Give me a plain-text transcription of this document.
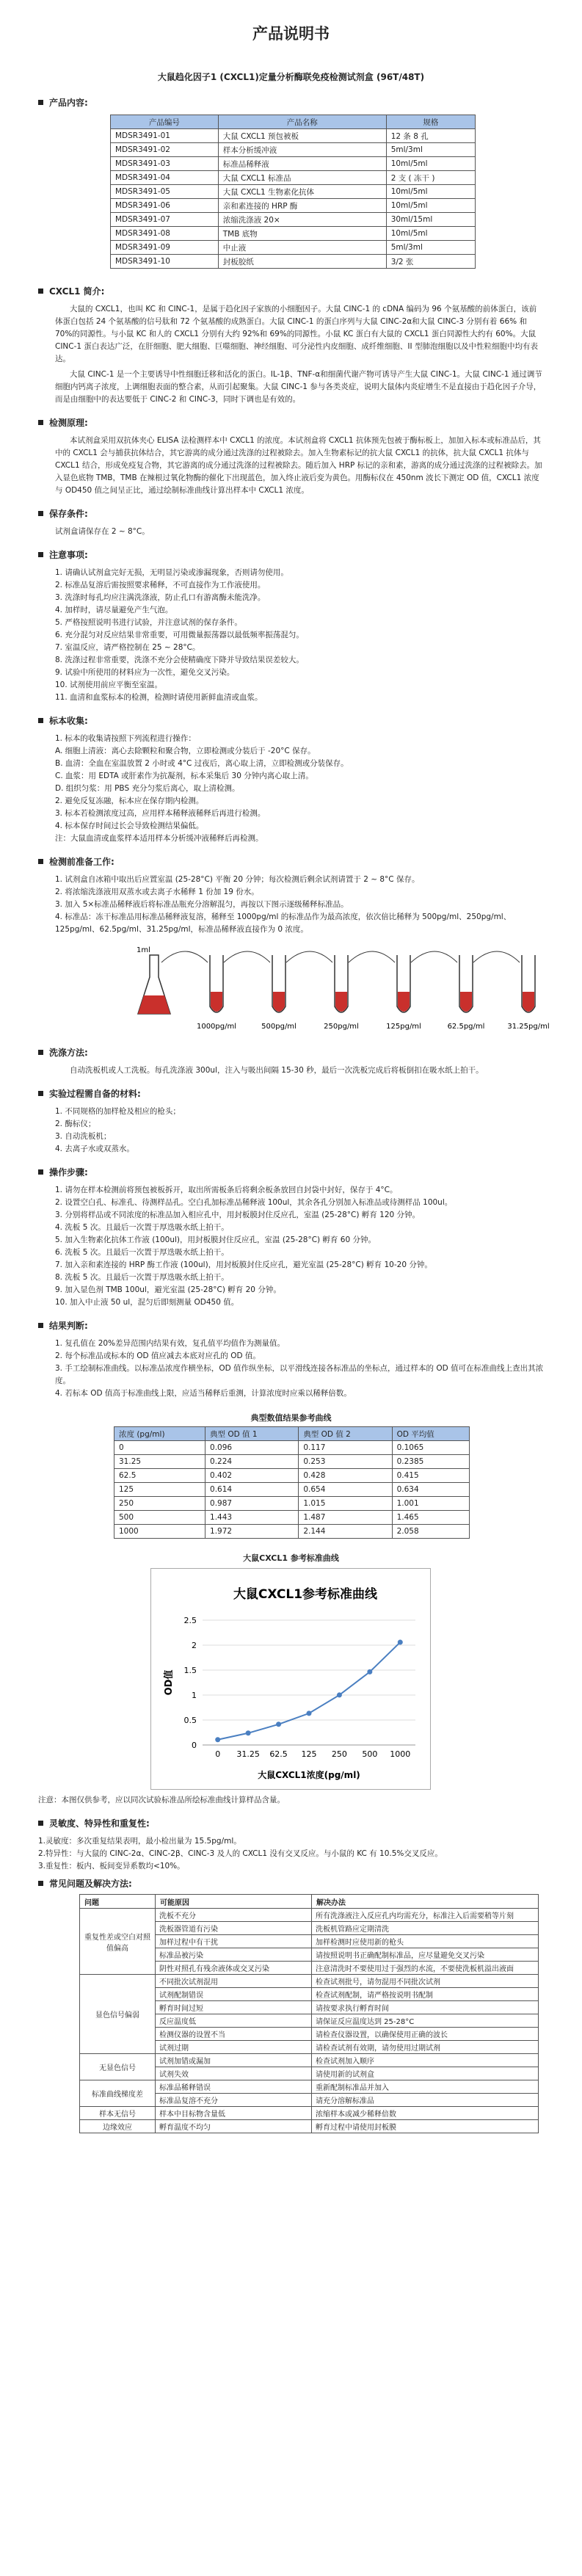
产品说明书
大鼠趋化因子1 (CXCL1)定量分析酶联免疫检测试剂盒 (96T/48T)
产品内容:
产品编号	产品名称	规格
MDSR3491-01	大鼠 CXCL1 预包被板	12 条 8 孔
MDSR3491-02	样本分析缓冲液	5ml/3ml
MDSR3491-03	标准品稀释液	10ml/5ml
MDSR3491-04	大鼠 CXCL1 标准品	2 支 ( 冻干 )
MDSR3491-05	大鼠 CXCL1 生物素化抗体	10ml/5ml
MDSR3491-06	亲和素连接的 HRP 酶	10ml/5ml
MDSR3491-07	浓缩洗涤液 20×	30ml/15ml
MDSR3491-08	TMB 底物	10ml/5ml
MDSR3491-09	中止液	5ml/3ml
MDSR3491-10	封板胶纸	3/2 张
CXCL1 简介:

大鼠的 CXCL1，也叫 KC 和 CINC-1，是属于趋化因子家族的小细胞因子。大鼠 CINC-1 的 cDNA 编码为 96 个氨基酸的前体蛋白，该前体蛋白包括 24 个氨基酸的信号肽和 72 个氨基酸的成熟蛋白。大鼠 CINC-1 的蛋白序列与大鼠 CINC-2α和大鼠 CINC-3 分别有着 66% 和 70%的同源性。与小鼠 KC 和人的 CXCL1 分别有大约 92%和 69%的同源性。小鼠 KC 蛋白有大鼠的 CXCL1 蛋白同源性大约有 60%。大鼠 CINC-1 蛋白表达广泛，在肝细胞、肥大细胞、巨噬细胞、神经细胞、可分泌性内皮细胞、成纤维细胞、II 型肺泡细胞以及中性粒细胞中均有表达。

大鼠 CINC-1 是一个主要诱导中性细胞迁移和活化的蛋白。IL-1β、TNF-α和细菌代谢产物可诱导产生大鼠 CINC-1。大鼠 CINC-1 通过调节细胞内钙离子浓度，上调细胞表面的整合素，从而引起聚集。大鼠 CINC-1 参与各类炎症，说明大鼠体内炎症增生不是直接由于趋化因子介导，而是由细胞中的表达要低于 CINC-2 和 CINC-3，同时下调也是有效的。

检测原理:

本试剂盒采用双抗体夹心 ELISA 法检测样本中 CXCL1 的浓度。本试剂盒将 CXCL1 抗体预先包被于酶标板上，加加入标本或标准品后，其中的 CXCL1 会与捕获抗体结合，其它游离的成分通过洗涤的过程被除去。加入生物素标记的抗大鼠 CXCL1 的抗体，抗大鼠 CXCL1 抗体与 CXCL1 结合，形成免疫复合物，其它游离的成分通过洗涤的过程被除去。随后加入 HRP 标记的亲和素，游离的成分通过洗涤的过程被除去。加入显色底物 TMB，TMB 在辣根过氧化物酶的催化下出现蓝色，加入终止液后变为黄色。用酶标仪在 450nm 波长下测定 OD 值，CXCL1 浓度与 OD450 值之间呈正比，通过绘制标准曲线计算出样本中 CXCL1 浓度。

保存条件:
试剂盒请保存在 2 ~ 8°C。
注意事项:
1. 请确认试剂盒完好无损，无明显污染或渗漏现象，否则请勿使用。
2. 标准品复溶后需按照要求稀释，不可直接作为工作液使用。
3. 洗涤时每孔均应注满洗涤液，防止孔口有游离酶未能洗净。
4. 加样时，请尽量避免产生气泡。
5. 严格按照说明书进行试验，并注意试剂的保存条件。
6. 充分混匀对反应结果非常重要，可用微量振荡器以最低频率振荡混匀。
7. 室温反应，请严格控制在 25 ~ 28°C。
8. 洗涤过程非常重要，洗涤不充分会使精确度下降并导致结果误差较大。
9. 试验中所使用的材料应为一次性，避免交叉污染。
10. 试剂使用前应平衡至室温。
11. 血清和血浆标本的检测，检测时请使用新鲜血清或血浆。
标本收集:
1. 标本的收集请按照下列流程进行操作：
A. 细胞上清液：离心去除颗粒和聚合物，立即检测或分装后于 -20°C 保存。
B. 血清：全血在室温放置 2 小时或 4°C 过夜后，离心取上清，立即检测或分装保存。
C. 血浆：用 EDTA 或肝素作为抗凝剂，标本采集后 30 分钟内离心取上清。
D. 组织匀浆：用 PBS 充分匀浆后离心，取上清检测。
2. 避免反复冻融，标本应在保存期内检测。
3. 标本若检测浓度过高，应用样本稀释液稀释后再进行检测。
4. 标本保存时间过长会导致检测结果偏低。
注：大鼠血清或血浆样本适用样本分析缓冲液稀释后再检测。
检测前准备工作:
1. 试剂盒自冰箱中取出后应置室温 (25-28°C) 平衡 20 分钟；每次检测后剩余试剂请置于 2 ~ 8°C 保存。
2. 将浓缩洗涤液用双蒸水或去离子水稀释 1 份加 19 份水。
3. 加入 5×标准品稀释液后将标准品瓶充分溶解混匀，再按以下图示逐级稀释标准品。
4. 标准品：冻干标准品用标准品稀释液复溶，稀释至 1000pg/ml 的标准品作为最高浓度，依次倍比稀释为 500pg/ml、250pg/ml、125pg/ml、62.5pg/ml、31.25pg/ml，标准品稀释液直接作为 0 浓度。
1ml
1000pg/ml	500pg/ml	250pg/ml	125pg/ml	62.5pg/ml	31.25pg/ml
洗涤方法:

自动洗板机或人工洗板。每孔洗涤液 300ul，注入与吸出间隔 15-30 秒，最后一次洗板完成后将板倒扣在吸水纸上拍干。

实验过程需自备的材料:
1. 不同规格的加样枪及相应的枪头；
2. 酶标仪；
3. 自动洗板机；
4. 去离子水或双蒸水。
操作步骤:
1. 请勿在样本检测前将预包被板拆开，取出所需板条后将剩余板条放回自封袋中封好，保存于 4°C。
2. 设置空白孔、标准孔、待测样品孔。空白孔加标准品稀释液 100ul，其余各孔分别加入标准品或待测样品 100ul。
3. 分别将样品或不同浓度的标准品加入相应孔中，用封板膜封住反应孔，室温 (25-28°C) 孵育 120 分钟。
4. 洗板 5 次。且最后一次置于厚迭吸水纸上拍干。
5. 加入生物素化抗体工作液 (100ul)，用封板膜封住反应孔，室温 (25-28°C) 孵育 60 分钟。
6. 洗板 5 次。且最后一次置于厚迭吸水纸上拍干。
7. 加入亲和素连接的 HRP 酶工作液 (100ul)，用封板膜封住反应孔，避光室温 (25-28°C) 孵育 10-20 分钟。
8. 洗板 5 次。且最后一次置于厚迭吸水纸上拍干。
9. 加入显色剂 TMB 100ul，避光室温 (25-28°C) 孵育 20 分钟。
10. 加入中止液 50 ul，混匀后即刻测量 OD450 值。
结果判断:
1. 复孔值在 20%差异范围内结果有效，复孔值平均值作为测量值。
2. 每个标准品或标本的 OD 值应减去本底对应孔的 OD 值。
3. 手工绘制标准曲线。以标准品浓度作横坐标，OD 值作纵坐标，以平滑线连接各标准品的坐标点，通过样本的 OD 值可在标准曲线上查出其浓度。
4. 若标本 OD 值高于标准曲线上限，应适当稀释后重测，计算浓度时应乘以稀释倍数。
典型数值结果参考曲线
浓度 (pg/ml)	典型 OD 值 1	典型 OD 值 2	OD 平均值
0	0.096	0.117	0.1065
31.25	0.224	0.253	0.2385
62.5	0.402	0.428	0.415
125	0.614	0.654	0.634
250	0.987	1.015	1.001
500	1.443	1.487	1.465
1000	1.972	2.144	2.058
大鼠CXCL1 参考标准曲线
大鼠CXCL1参考标准曲线
OD值
大鼠CXCL1浓度(pg/ml)
0
0.5
1
1.5
2
2.5
0 31.25 62.5 125 250 500 1000
注意：本图仅供参考，应以同次试验标准品所绘标准曲线计算样品含量。
灵敏度、特异性和重复性:
1.灵敏度：多次重复结果表明，最小检出量为 15.5pg/ml。
2.特异性：与大鼠的 CINC-2α、CINC-2β、CINC-3 及人的 CXCL1 没有交叉反应。与小鼠的 KC 有 10.5%交叉反应。
3.重复性：板内、板间变异系数均<10%。
常见问题及解决方法:
问题	可能原因	解决办法
重复性差或空白对照值偏高	洗板不充分	所有洗涤液注入反应孔内均需充分，标准注入后需要稍等片刻
	洗板器管道有污染	洗板机管路应定期清洗
	加样过程中有干扰	加样检测时应使用新的枪头
	标准品被污染	请按照说明书正确配制标准品，应尽量避免交叉污染
	阴性对照孔有残余液体或交叉污染	注意清洗时不要使用过于强烈的水流，不要使洗板机溢出液面
显色信号偏弱	不同批次试剂混用	检查试剂批号，请勿混用不同批次试剂
	试剂配制错误	检查试剂配制，请严格按说明书配制
	孵育时间过短	请按要求执行孵育时间
	反应温度低	请保证反应温度达到 25-28°C
	检测仪器的设置不当	请检查仪器设置，以确保使用正确的波长
	试剂过期	请检查试剂有效期，请勿使用过期试剂
无显色信号	试剂加错或漏加	检查试剂加入顺序
	试剂失效	请使用新的试剂盒
标准曲线梯度差	标准品稀释错误	重新配制标准品并加入
	标准品复溶不充分	请充分溶解标准品
样本无信号	样本中目标物含量低	浓缩样本或减少稀释倍数
边缘效应	孵育温度不均匀	孵育过程中请使用封板膜
